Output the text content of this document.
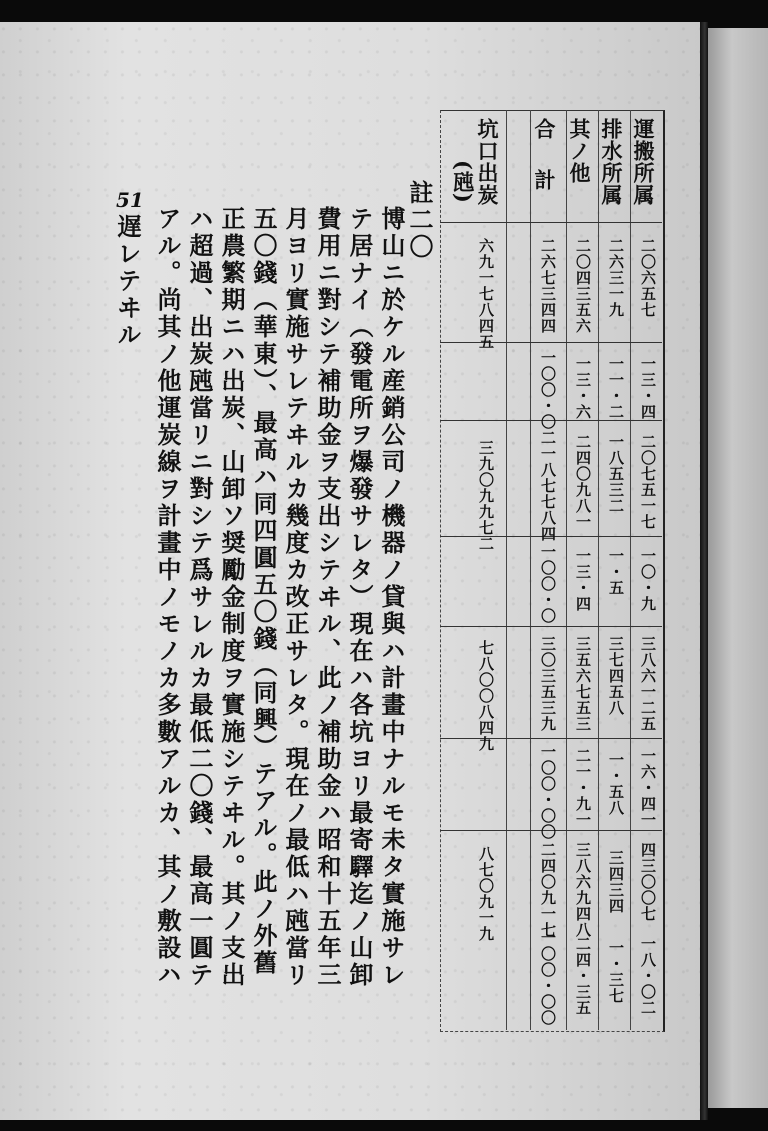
運搬所属
排水所属
其ノ他
合計
坑口出炭
(瓲)
二〇六五七
二六三一九
二〇四三五六
二六七三四四
六九一七八四五
一三・四
一一・二
一三・六
一〇〇・〇
二〇七五一七
一八五三二
二四〇九八一
二一八七七八四
三九〇九九七二
一〇・九
一・五
一三・四
一〇〇・〇
三八六一二五
三七四五八
三五六七五三
三〇三五三九
七八〇〇八四九
一六・四一
一・五八
二一・九一
一〇〇・〇〇
四三〇〇七
三四三四
三八六九四八
二四〇九一七
八七〇九一九
一八・〇二
一・三七
二四・三五
一〇〇・〇〇
註二〇
博山ニ於ケル産銷公司ノ機器ノ貸與ハ計畫中ナルモ未タ實施サレ
テ居ナイ（發電所ヲ爆發サレタ）現在ハ各坑ヨリ最寄驛迄ノ山卸
費用ニ對シテ補助金ヲ支出シテヰル、此ノ補助金ハ昭和十五年三
月ヨリ實施サレテヰルカ幾度カ改正サレタ。現在ノ最低ハ瓲當リ
五〇錢（華東）、最高ハ同四圓五〇錢（同興）テアル。此ノ外舊
正農繁期ニハ出炭、山卸ソ奨勵金制度ヲ實施シテヰル。其ノ支出
ハ超過、出炭瓲當リニ對シテ爲サレルカ最低二〇錢、最高一圓テ
アル。尚其ノ他運炭線ヲ計畫中ノモノカ多數アルカ、其ノ敷設ハ
遅レテヰル
51
